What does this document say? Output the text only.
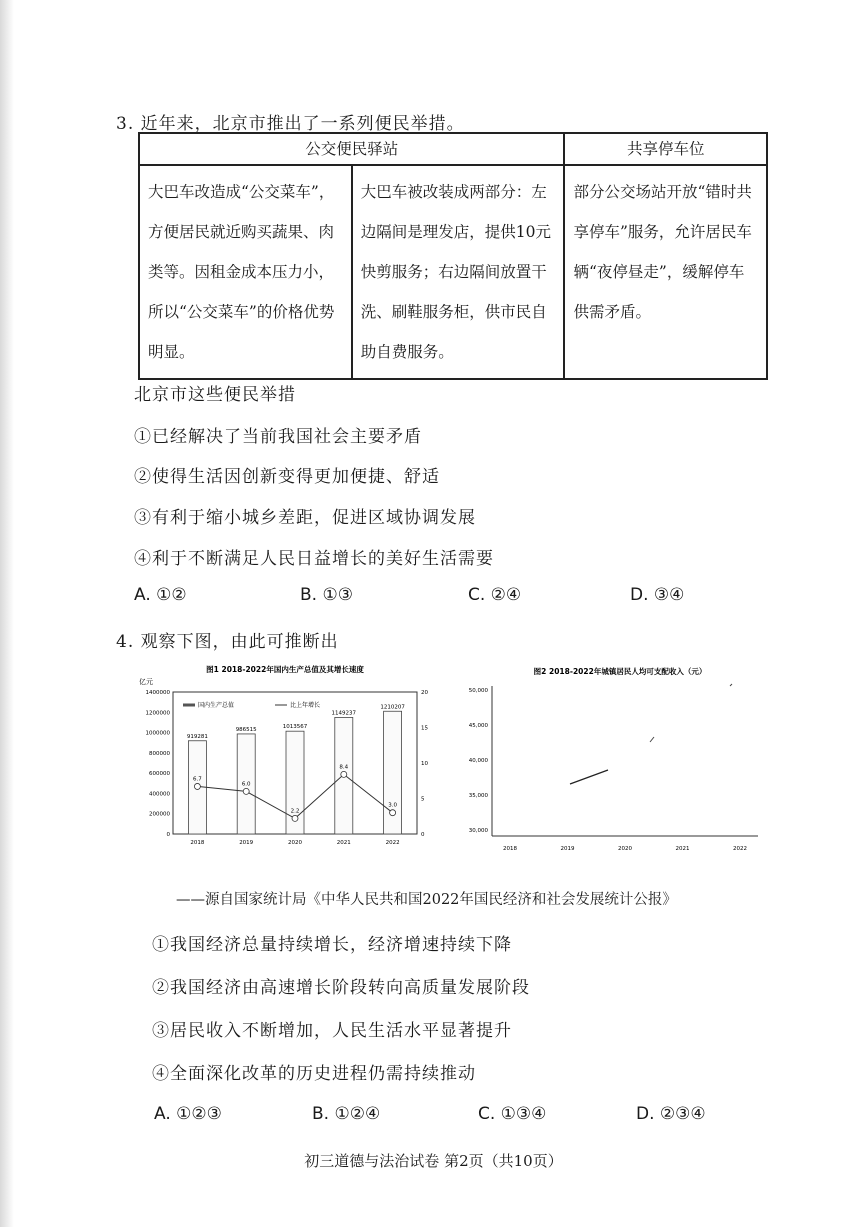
3. 近年来，北京市推出了一系列便民举措。
公交便民驿站		共享停车位
大巴车改造成“公交菜车”，方便居民就近购买蔬果、肉类等。因租金成本压力小，所以“公交菜车”的价格优势明显。	大巴车被改装成两部分：左边隔间是理发店，提供10元快剪服务；右边隔间放置干洗、刷鞋服务柜，供市民自助自费服务。	部分公交场站开放“错时共享停车”服务，允许居民车辆“夜停昼走”，缓解停车供需矛盾。
北京市这些便民举措
①已经解决了当前我国社会主要矛盾
②使得生活因创新变得更加便捷、舒适
③有利于缩小城乡差距，促进区域协调发展
④利于不断满足人民日益增长的美好生活需要
A. ①②	B. ①③	C. ②④	D. ③④
4. 观察下图，由此可推断出
图1 2018-2022年国内生产总值及其增长速度
亿元
1400000
1200000
1000000
800000
600000
400000
200000
0
20
15
10
5
0
国内生产总值	比上年增长
919281
986515	1013567
1149237
1210207
6.7
6.0
2.2
8.4
3.0
2018	2019	2020	2021	2022
图2 2018-2022年城镇居民人均可支配收入（元）
50,000
45,000
40,000
35,000
30,000
2018	2019	2020	2021	2022
——源自国家统计局《中华人民共和国2022年国民经济和社会发展统计公报》
①我国经济总量持续增长，经济增速持续下降
②我国经济由高速增长阶段转向高质量发展阶段
③居民收入不断增加，人民生活水平显著提升
④全面深化改革的历史进程仍需持续推动
A. ①②③	B. ①②④	C. ①③④	D. ②③④
初三道德与法治试卷 第2页（共10页）
